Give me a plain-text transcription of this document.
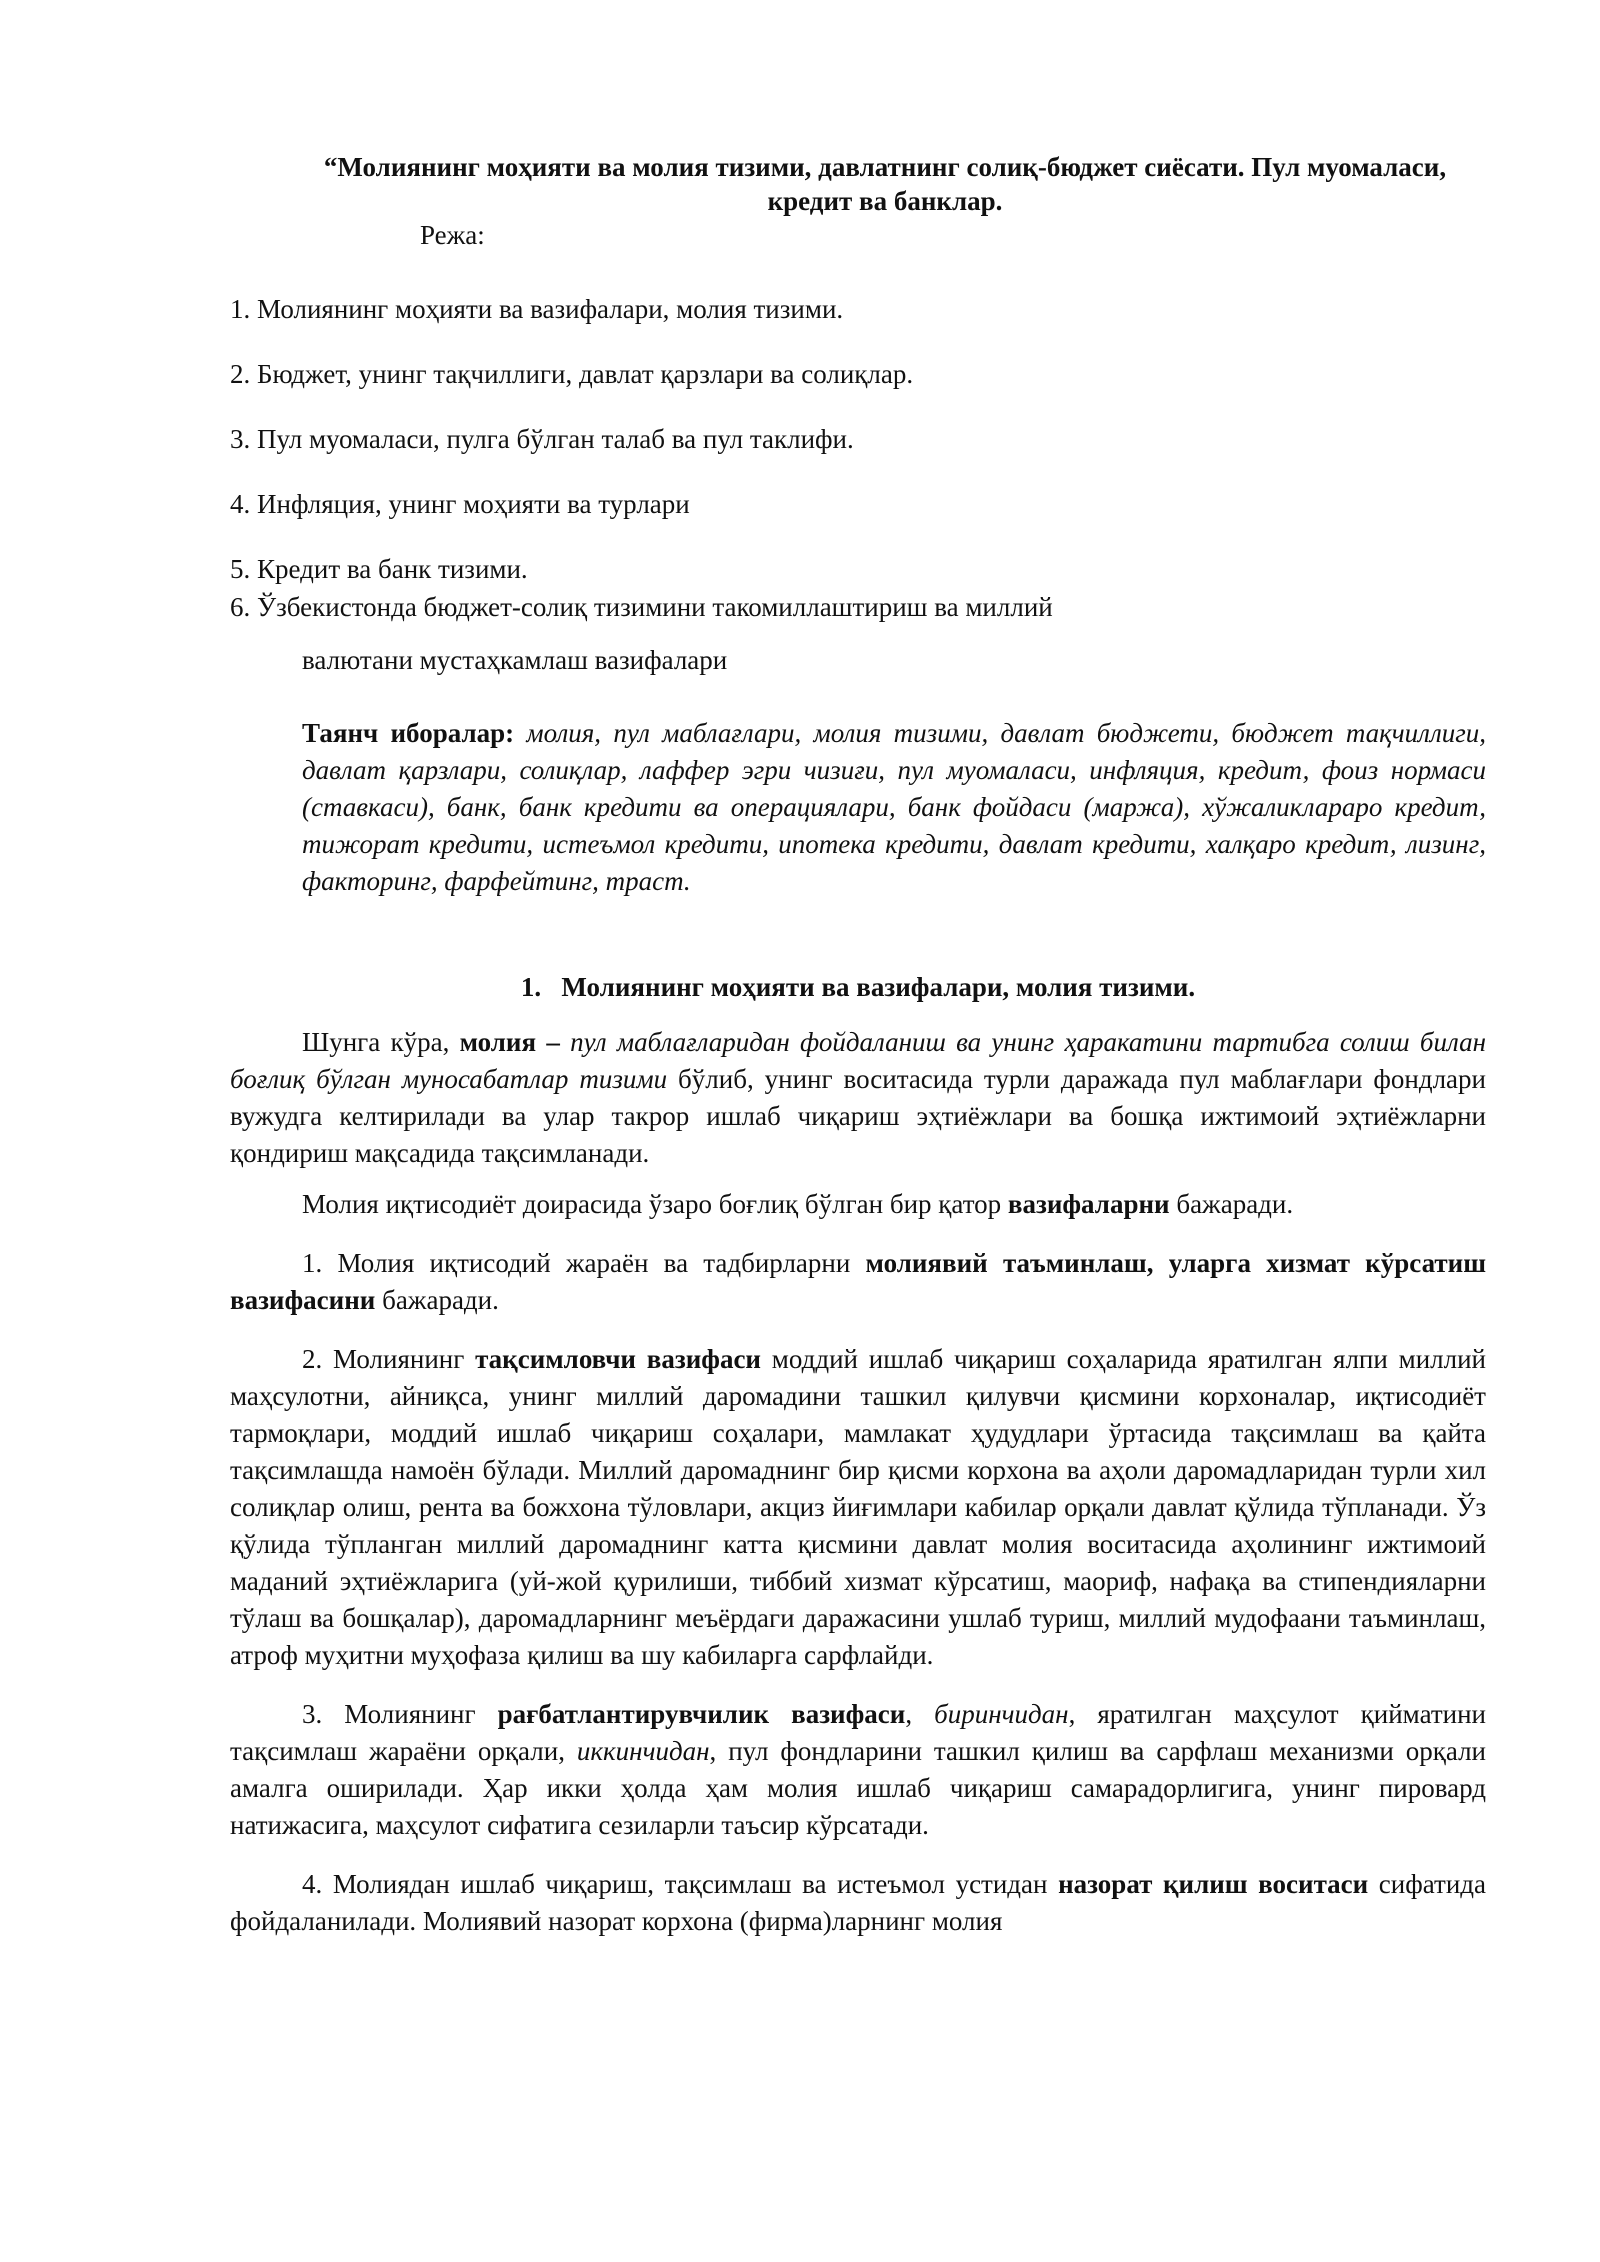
“Молиянинг моҳияти ва молия тизими, давлатнинг солиқ-бюджет сиёсати. Пул муомаласи, кредит ва банклар.
Режа:
1. Молиянинг моҳияти ва вазифалари, молия тизими.
2. Бюджет, унинг тақчиллиги, давлат қарзлари ва солиқлар.
3. Пул муомаласи, пулга бўлган талаб ва пул таклифи.
4. Инфляция, унинг моҳияти ва турлари
5. Кредит ва банк тизими.
6. Ўзбекистонда бюджет-солиқ тизимини такомиллаштириш ва миллий
валютани мустаҳкамлаш вазифалари
Таянч иборалар: молия, пул маблағлари, молия тизими, давлат бюджети, бюджет тақчиллиги, давлат қарзлари, солиқлар, лаффер эгри чизиғи, пул муомаласи, инфляция, кредит, фоиз нормаси (ставкаси), банк, банк кредити ва операциялари, банк фойдаси (маржа), хўжаликлараро кредит, тижорат кредити, истеъмол кредити, ипотека кредити, давлат кредити, халқаро кредит, лизинг, факторинг, фарфейтинг, траст.
1.   Молиянинг моҳияти ва вазифалари, молия тизими.

Шунга кўра, молия – пул маблағларидан фойдаланиш ва унинг ҳаракатини тартибга солиш билан боғлиқ бўлган муносабатлар тизими бўлиб, унинг воситасида турли даражада пул маблағлари фондлари вужудга келтирилади ва улар такрор ишлаб чиқариш эҳтиёжлари ва бошқа ижтимоий эҳтиёжларни қондириш мақсадида тақсимланади.

Молия иқтисодиёт доирасида ўзаро боғлиқ бўлган бир қатор вазифаларни бажаради.

1. Молия иқтисодий жараён ва тадбирларни молиявий таъминлаш, уларга хизмат кўрсатиш вазифасини бажаради.

2. Молиянинг тақсимловчи вазифаси моддий ишлаб чиқариш соҳаларида яратилган ялпи миллий маҳсулотни, айниқса, унинг миллий даромадини ташкил қилувчи қисмини корхоналар, иқтисодиёт тармоқлари, моддий ишлаб чиқариш соҳалари, мамлакат ҳудудлари ўртасида тақсимлаш ва қайта тақсимлашда намоён бўлади. Миллий даромаднинг бир қисми корхона ва аҳоли даромадларидан турли хил солиқлар олиш, рента ва божхона тўловлари, акциз йиғимлари кабилар орқали давлат қўлида тўпланади. Ўз қўлида тўпланган миллий даромаднинг катта қисмини давлат молия воситасида аҳолининг ижтимоий маданий эҳтиёжларига (уй-жой қурилиши, тиббий хизмат кўрсатиш, маориф, нафақа ва стипендияларни тўлаш ва бошқалар), даромадларнинг меъёрдаги даражасини ушлаб туриш, миллий мудофаани таъминлаш, атроф муҳитни муҳофаза қилиш ва шу кабиларга сарфлайди.

3. Молиянинг рағбатлантирувчилик вазифаси, биринчидан, яратилган маҳсулот қийматини тақсимлаш жараёни орқали, иккинчидан, пул фондларини ташкил қилиш ва сарфлаш механизми орқали амалга оширилади. Ҳар икки ҳолда ҳам молия ишлаб чиқариш самарадорлигига, унинг пировард натижасига, маҳсулот сифатига сезиларли таъсир кўрсатади.

4. Молиядан ишлаб чиқариш, тақсимлаш ва истеъмол устидан назорат қилиш воситаси сифатида фойдаланилади. Молиявий назорат корхона (фирма)ларнинг молия
